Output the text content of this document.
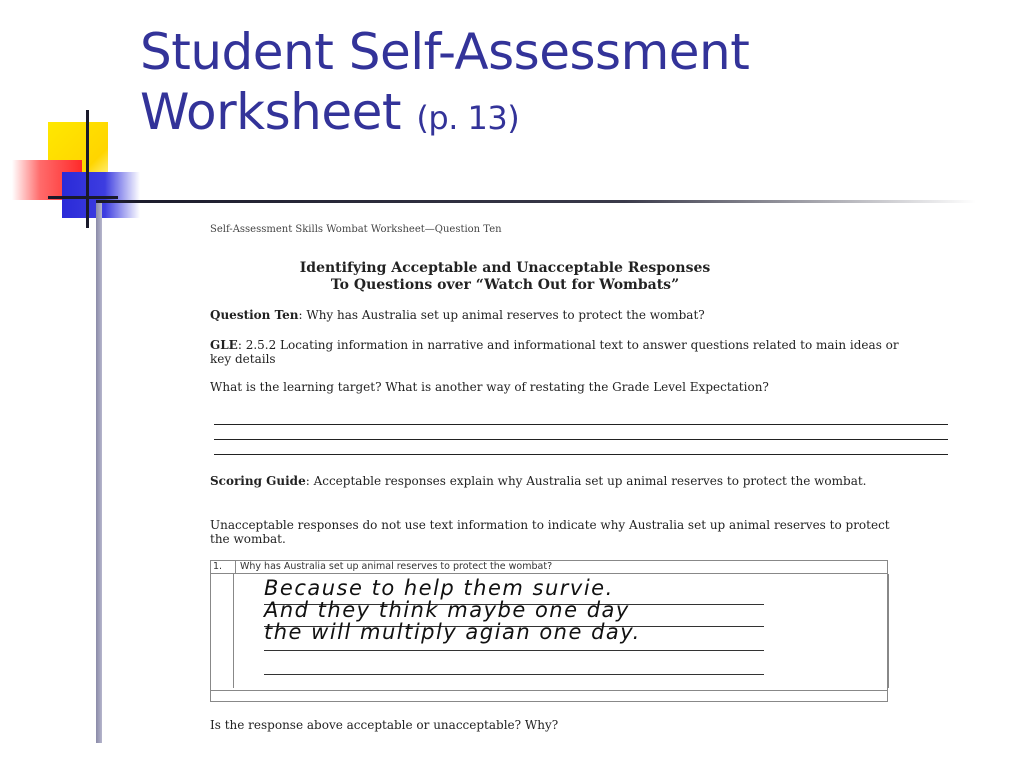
Student Self-Assessment
Worksheet (p. 13)
Self-Assessment Skills Wombat Worksheet—Question Ten
Identifying Acceptable and Unacceptable Responses
To Questions over “Watch Out for Wombats”
Question Ten: Why has Australia set up animal reserves to protect the wombat?
GLE: 2.5.2 Locating information in narrative and informational text to answer questions related to main ideas or key details
What is the learning target? What is another way of restating the Grade Level Expectation?
Scoring Guide: Acceptable responses explain why Australia set up animal reserves to protect the wombat.
Unacceptable responses do not use text information to indicate why Australia set up animal reserves to protect the wombat.
1. Why has Australia set up animal reserves to protect the wombat?
Because to help them survie.
And they think maybe one day
the will multiply agian one day.
Is the response above acceptable or unacceptable? Why?
